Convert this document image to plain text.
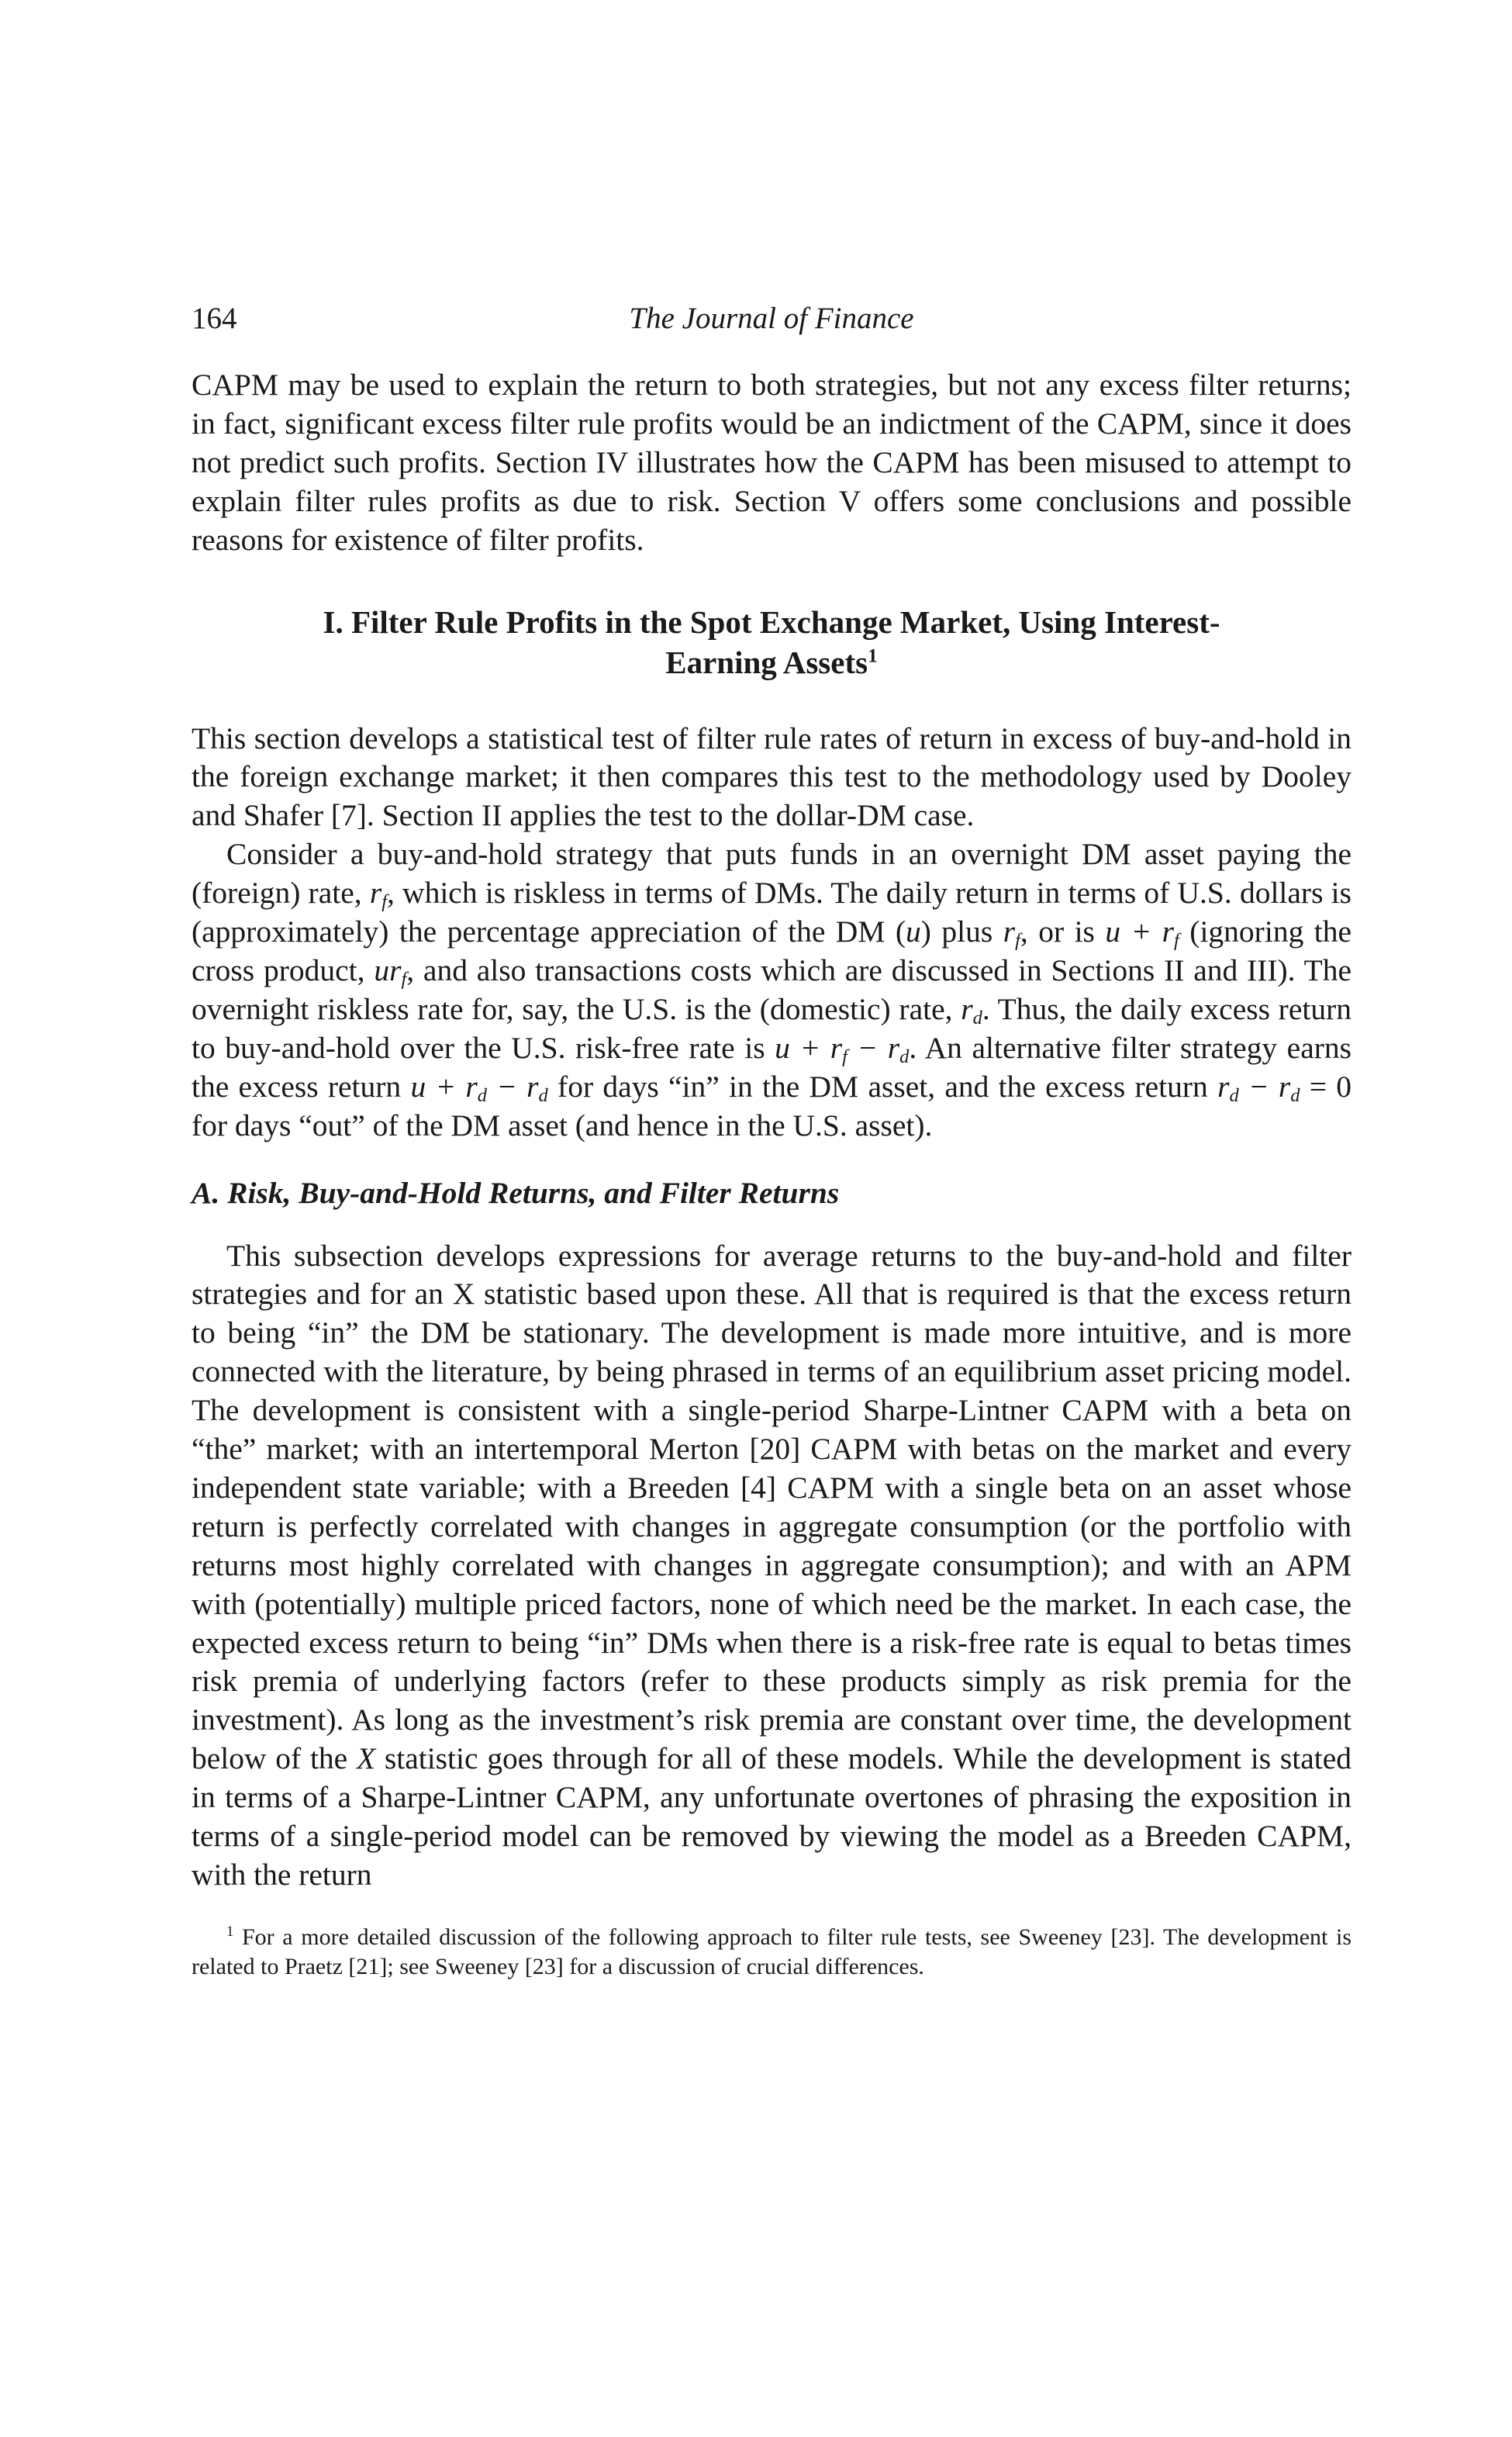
164	The Journal of Finance

CAPM may be used to explain the return to both strategies, but not any excess filter returns; in fact, significant excess filter rule profits would be an indictment of the CAPM, since it does not predict such profits. Section IV illustrates how the CAPM has been misused to attempt to explain filter rules profits as due to risk. Section V offers some conclusions and possible reasons for existence of filter profits.

I. Filter Rule Profits in the Spot Exchange Market, Using Interest-
Earning Assets$^1$

This section develops a statistical test of filter rule rates of return in excess of buy-and-hold in the foreign exchange market; it then compares this test to the methodology used by Dooley and Shafer [7]. Section II applies the test to the dollar-DM case.

Consider a buy-and-hold strategy that puts funds in an overnight DM asset paying the (foreign) rate, $r_f$, which is riskless in terms of DMs. The daily return in terms of U.S. dollars is (approximately) the percentage appreciation of the DM (u) plus $r_f$, or is $u + r_f$ (ignoring the cross product, $ur_f$, and also transactions costs which are discussed in Sections II and III). The overnight riskless rate for, say, the U.S. is the (domestic) rate, $r_d$. Thus, the daily excess return to buy-and-hold over the U.S. risk-free rate is $u + r_f - r_d$. An alternative filter strategy earns the excess return $u + r_d - r_d$ for days “in” in the DM asset, and the excess return $r_d - r_d = 0$ for days “out” of the DM asset (and hence in the U.S. asset).

A. Risk, Buy-and-Hold Returns, and Filter Returns

This subsection develops expressions for average returns to the buy-and-hold and filter strategies and for an X statistic based upon these. All that is required is that the excess return to being “in” the DM be stationary. The development is made more intuitive, and is more connected with the literature, by being phrased in terms of an equilibrium asset pricing model. The development is consistent with a single-period Sharpe-Lintner CAPM with a beta on “the” market; with an intertemporal Merton [20] CAPM with betas on the market and every independent state variable; with a Breeden [4] CAPM with a single beta on an asset whose return is perfectly correlated with changes in aggregate consumption (or the portfolio with returns most highly correlated with changes in aggregate consumption); and with an APM with (potentially) multiple priced factors, none of which need be the market. In each case, the expected excess return to being “in” DMs when there is a risk-free rate is equal to betas times risk premia of underlying factors (refer to these products simply as risk premia for the investment). As long as the investment’s risk premia are constant over time, the development below of the X statistic goes through for all of these models. While the development is stated in terms of a Sharpe-Lintner CAPM, any unfortunate overtones of phrasing the exposition in terms of a single-period model can be removed by viewing the model as a Breeden CAPM, with the return

$^1$ For a more detailed discussion of the following approach to filter rule tests, see Sweeney [23]. The development is related to Praetz [21]; see Sweeney [23] for a discussion of crucial differences.
